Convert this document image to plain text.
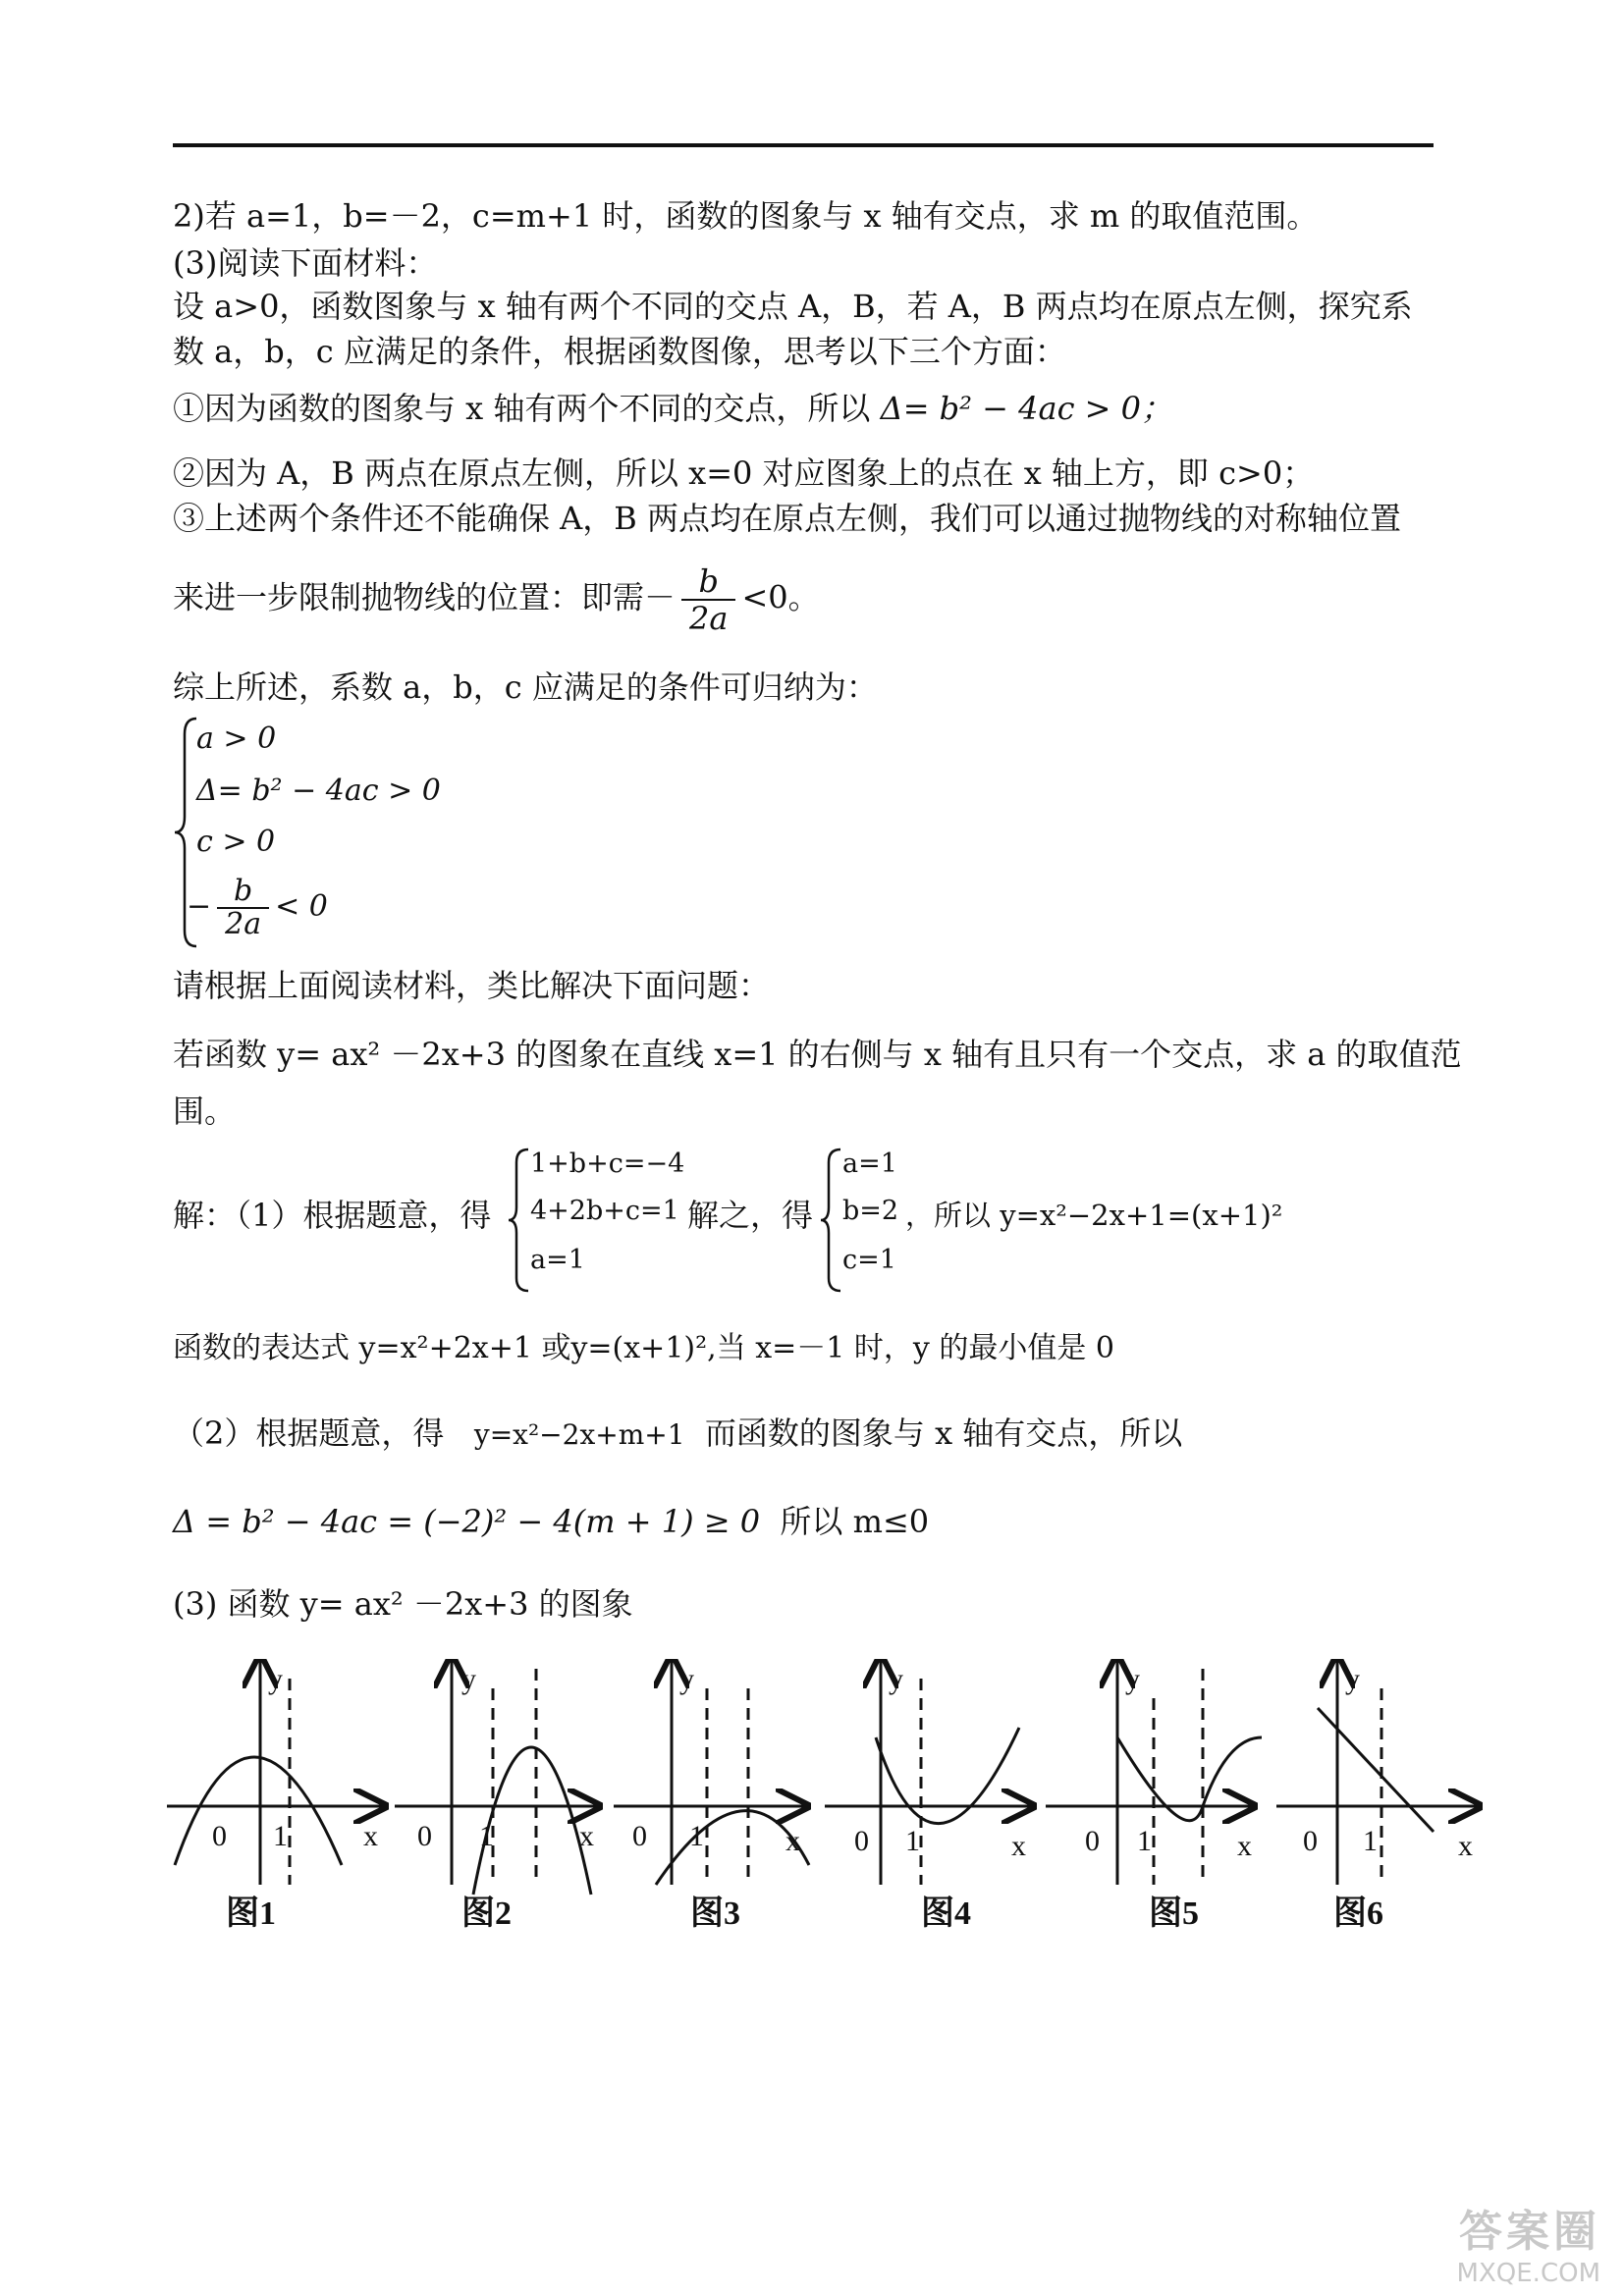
2)若 a=1，b=－2，c=m+1 时，函数的图象与 x 轴有交点，求 m 的取值范围。
(3)阅读下面材料：
设 a>0，函数图象与 x 轴有两个不同的交点 A，B，若 A，B 两点均在原点左侧，探究系
数 a，b，c 应满足的条件，根据函数图像，思考以下三个方面：
①因为函数的图象与 x 轴有两个不同的交点，所以 Δ= b² − 4ac > 0；
②因为 A，B 两点在原点左侧，所以 x=0 对应图象上的点在 x 轴上方，即 c>0；
③上述两个条件还不能确保 A，B 两点均在原点左侧，我们可以通过抛物线的对称轴位置
来进一步限制抛物线的位置：即需－ $\frac{b}{2a} <0$。
综上所述，系数 a，b，c 应满足的条件可归纳为：
a > 0
Δ= b² − 4ac > 0
c > 0
− $\frac{b}{2a} < 0$
请根据上面阅读材料，类比解决下面问题：
若函数 y= ax² －2x+3 的图象在直线 x=1 的右侧与 x 轴有且只有一个交点，求 a 的取值范
围。
解：（1）根据题意，得
1+b+c=−4
4+2b+c=1
a=1
解之，得
a=1
b=2
c=1
，所以 y=x²−2x+1=(x+1)²
函数的表达式 y=x²+2x+1 或y=(x+1)²,当 x=－1 时，y 的最小值是 0
（2）根据题意，得 y=x²−2x+m+1 而函数的图象与 x 轴有交点，所以
Δ = b² − 4ac = (−2)² − 4(m + 1) ≥ 0 所以 m≤0
(3) 函数 y= ax² －2x+3 的图象
y
x
0 1
y
x
0 1
y
x
0 1
y
x
0 1
y
x
0 1
y
x
0 1
图1	图2	图3	图4	图5	图6
答案圈
MXQE.COM
